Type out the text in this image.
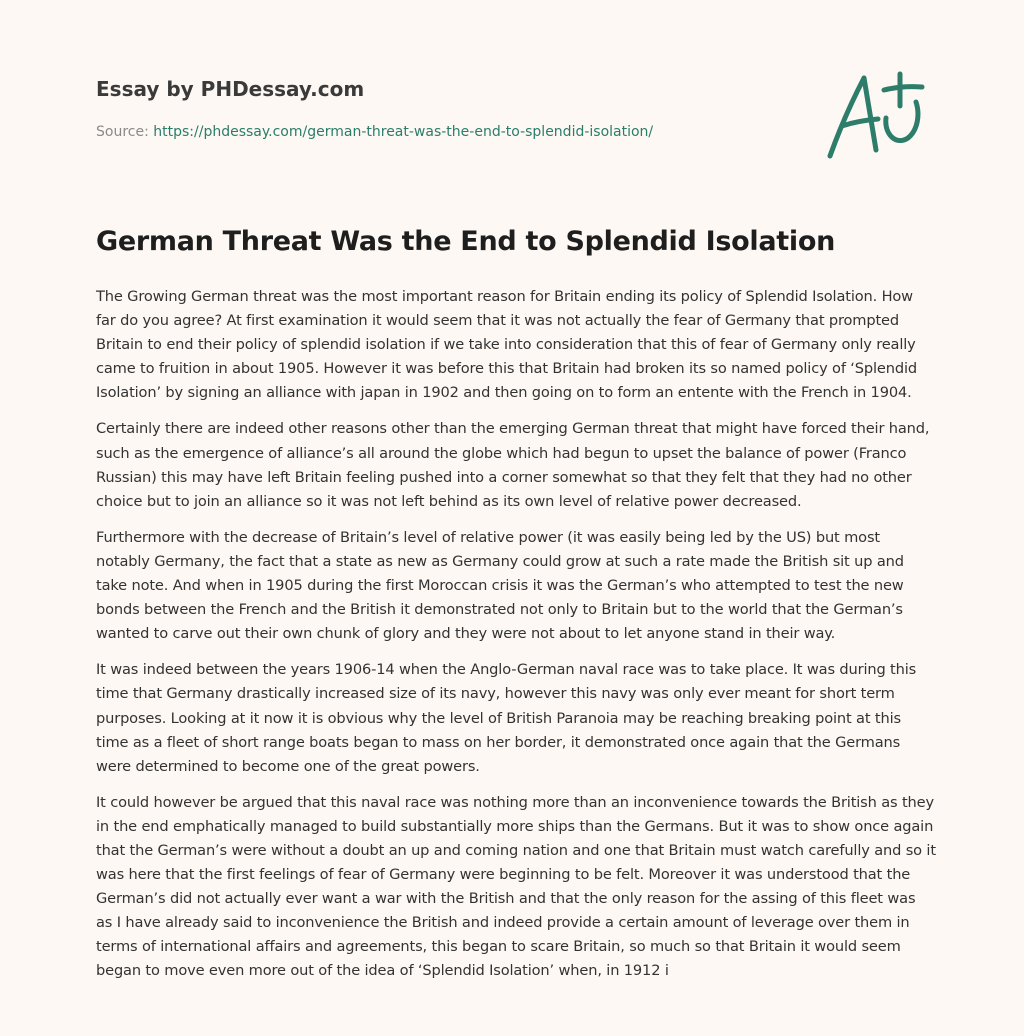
Essay by PHDessay.com
Source: https://phdessay.com/german-threat-was-the-end-to-splendid-isolation/
German Threat Was the End to Splendid Isolation

The Growing German threat was the most important reason for Britain ending its policy of Splendid Isolation. How far do you agree? At first examination it would seem that it was not actually the fear of Germany that prompted Britain to end their policy of splendid isolation if we take into consideration that this of fear of Germany only really came to fruition in about 1905. However it was before this that Britain had broken its so named policy of ‘Splendid Isolation’ by signing an alliance with japan in 1902 and then going on to form an entente with the French in 1904.

Certainly there are indeed other reasons other than the emerging German threat that might have forced their hand, such as the emergence of alliance’s all around the globe which had begun to upset the balance of power (Franco Russian) this may have left Britain feeling pushed into a corner somewhat so that they felt that they had no other choice but to join an alliance so it was not left behind as its own level of relative power decreased.

Furthermore with the decrease of Britain’s level of relative power (it was easily being led by the US) but most notably Germany, the fact that a state as new as Germany could grow at such a rate made the British sit up and take note. And when in 1905 during the first Moroccan crisis it was the German’s who attempted to test the new bonds between the French and the British it demonstrated not only to Britain but to the world that the German’s wanted to carve out their own chunk of glory and they were not about to let anyone stand in their way.

It was indeed between the years 1906-14 when the Anglo-German naval race was to take place. It was during this time that Germany drastically increased size of its navy, however this navy was only ever meant for short term purposes. Looking at it now it is obvious why the level of British Paranoia may be reaching breaking point at this time as a fleet of short range boats began to mass on her border, it demonstrated once again that the Germans were determined to become one of the great powers.

It could however be argued that this naval race was nothing more than an inconvenience towards the British as they in the end emphatically managed to build substantially more ships than the Germans. But it was to show once again that the German’s were without a doubt an up and coming nation and one that Britain must watch carefully and so it was here that the first feelings of fear of Germany were beginning to be felt. Moreover it was understood that the German’s did not actually ever want a war with the British and that the only reason for the assing of this fleet was as I have already said to inconvenience the British and indeed provide a certain amount of leverage over them in terms of international affairs and agreements, this began to scare Britain, so much so that Britain it would seem began to move even more out of the idea of ‘Splendid Isolation’ when, in 1912 i
